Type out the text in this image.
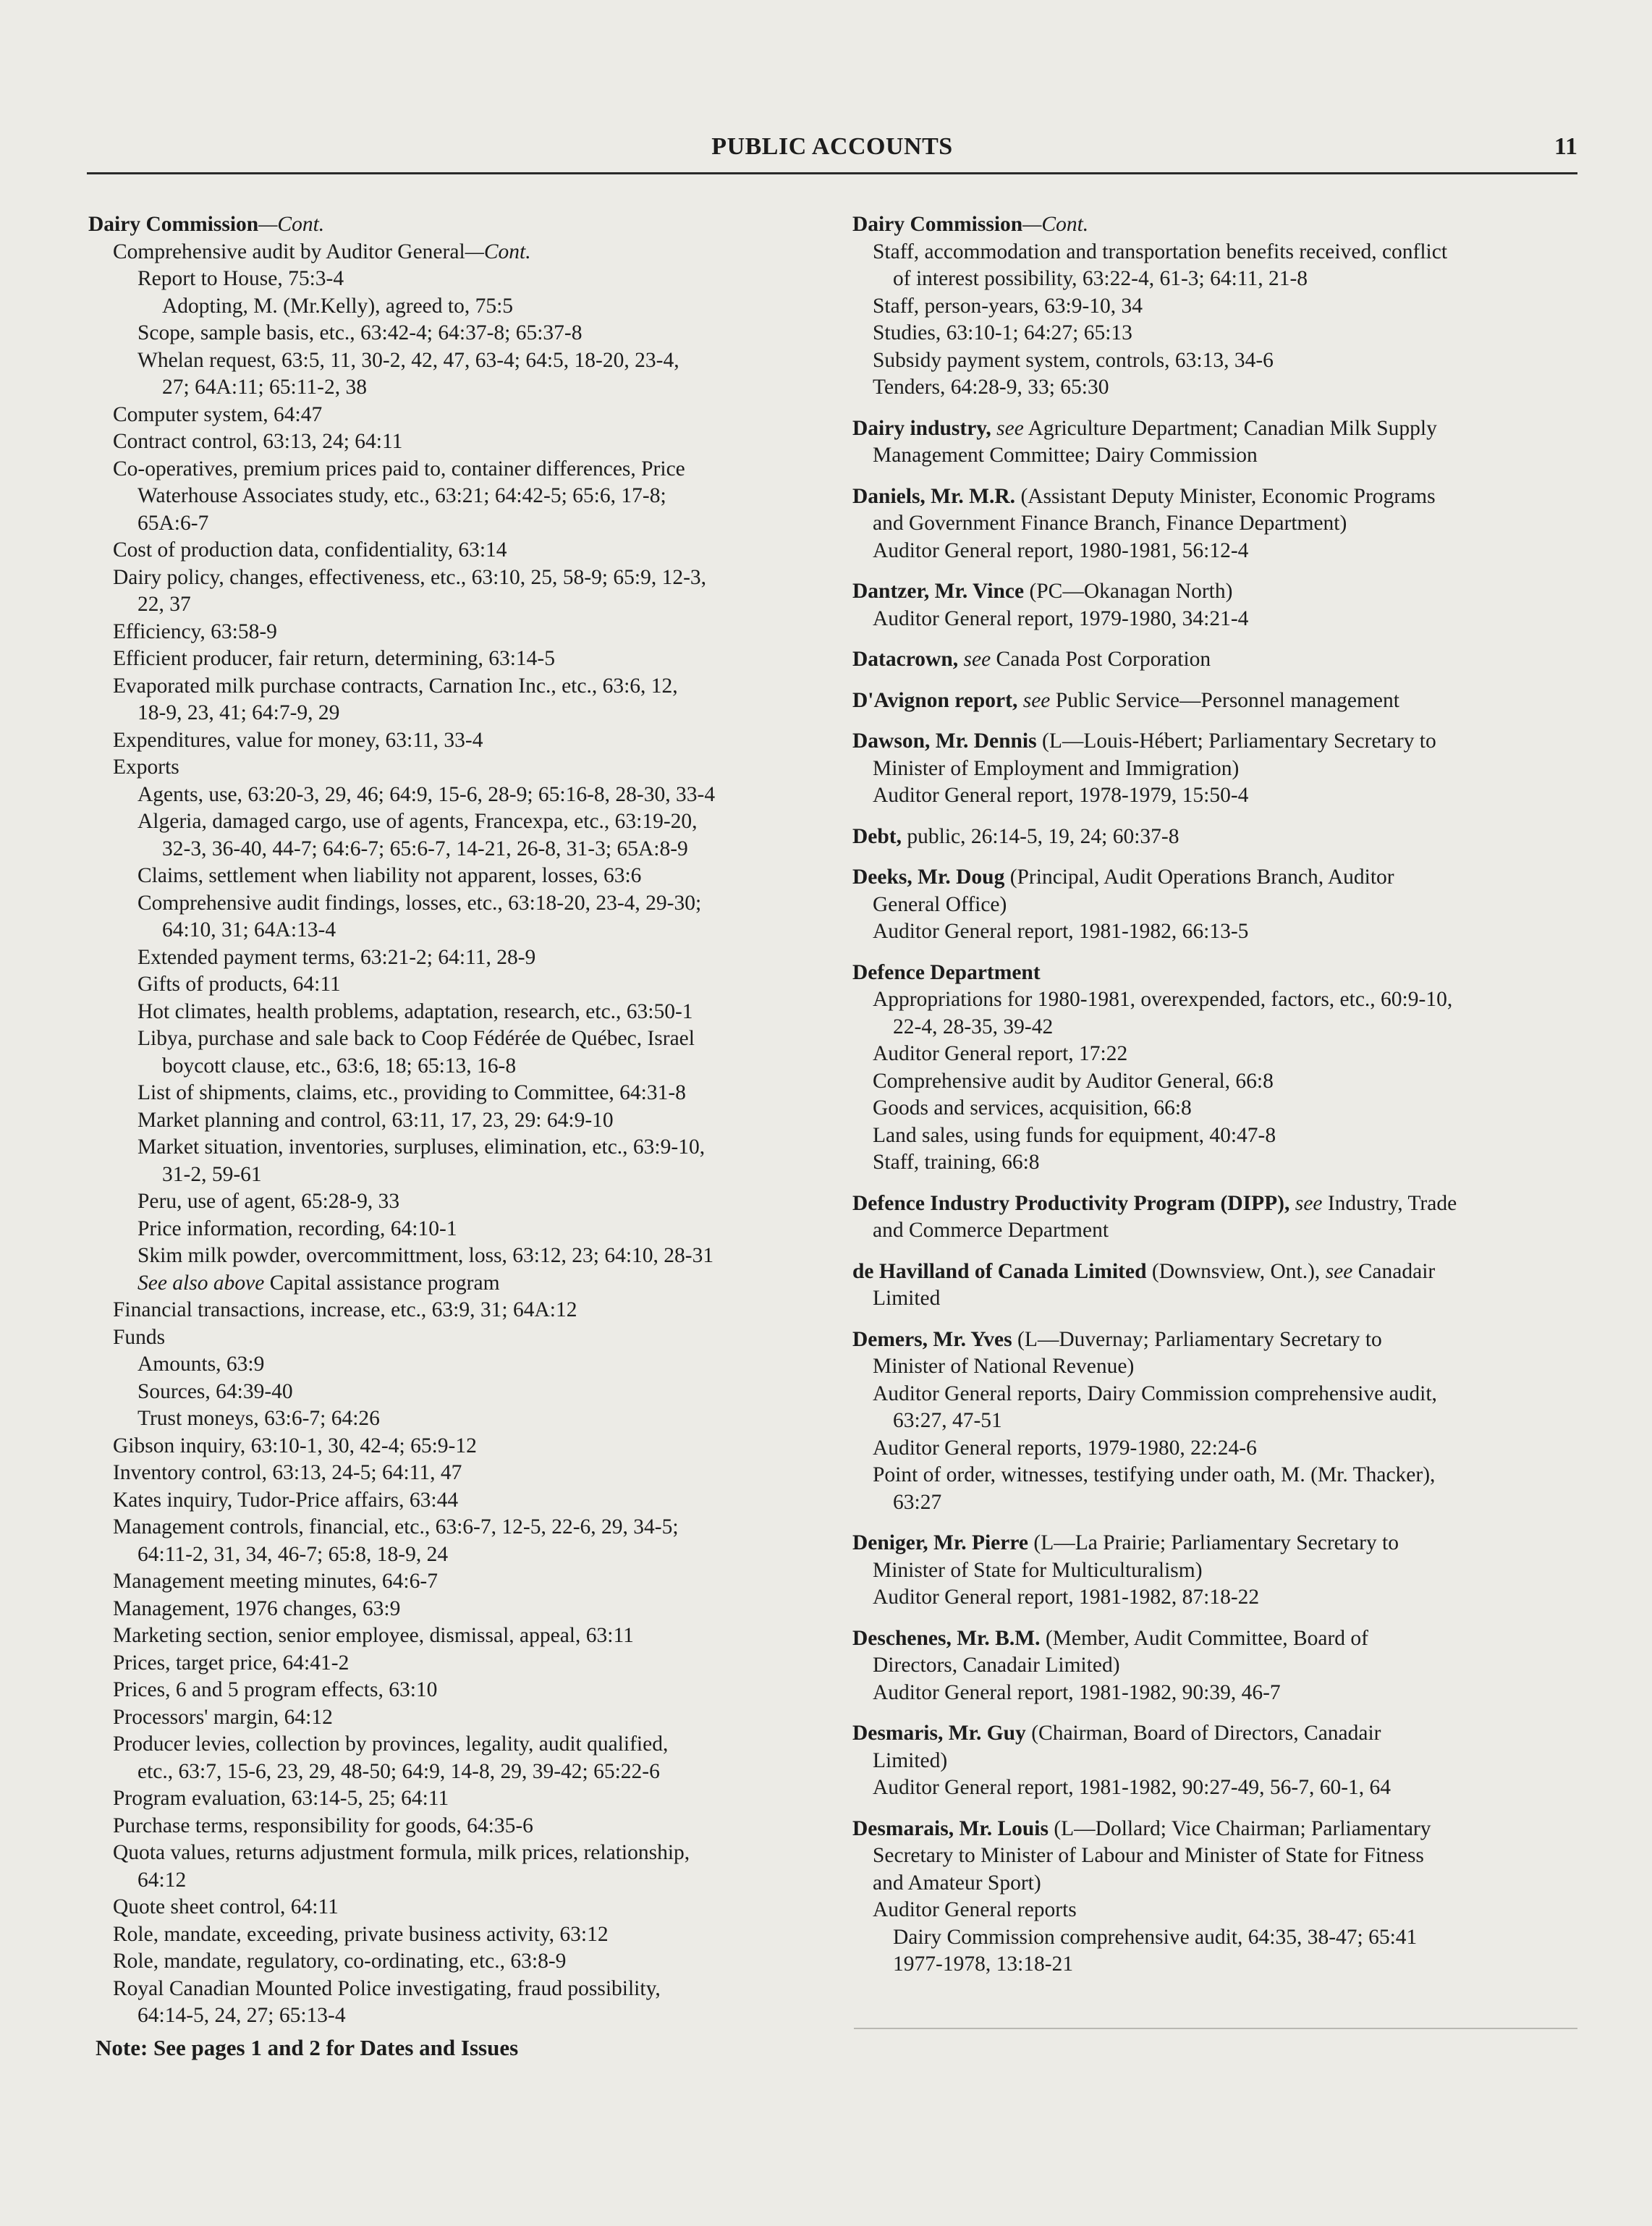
PUBLIC ACCOUNTS	11
Dairy Commission—Cont.
Comprehensive audit by Auditor General—Cont.
Report to House, 75:3-4
Adopting, M. (Mr.Kelly), agreed to, 75:5
Scope, sample basis, etc., 63:42-4; 64:37-8; 65:37-8
Whelan request, 63:5, 11, 30-2, 42, 47, 63-4; 64:5, 18-20, 23-4,
27; 64A:11; 65:11-2, 38
Computer system, 64:47
Contract control, 63:13, 24; 64:11
Co-operatives, premium prices paid to, container differences, Price
Waterhouse Associates study, etc., 63:21; 64:42-5; 65:6, 17-8;
65A:6-7
Cost of production data, confidentiality, 63:14
Dairy policy, changes, effectiveness, etc., 63:10, 25, 58-9; 65:9, 12-3,
22, 37
Efficiency, 63:58-9
Efficient producer, fair return, determining, 63:14-5
Evaporated milk purchase contracts, Carnation Inc., etc., 63:6, 12,
18-9, 23, 41; 64:7-9, 29
Expenditures, value for money, 63:11, 33-4
Exports
Agents, use, 63:20-3, 29, 46; 64:9, 15-6, 28-9; 65:16-8, 28-30, 33-4
Algeria, damaged cargo, use of agents, Francexpa, etc., 63:19-20,
32-3, 36-40, 44-7; 64:6-7; 65:6-7, 14-21, 26-8, 31-3; 65A:8-9
Claims, settlement when liability not apparent, losses, 63:6
Comprehensive audit findings, losses, etc., 63:18-20, 23-4, 29-30;
64:10, 31; 64A:13-4
Extended payment terms, 63:21-2; 64:11, 28-9
Gifts of products, 64:11
Hot climates, health problems, adaptation, research, etc., 63:50-1
Libya, purchase and sale back to Coop Fédérée de Québec, Israel
boycott clause, etc., 63:6, 18; 65:13, 16-8
List of shipments, claims, etc., providing to Committee, 64:31-8
Market planning and control, 63:11, 17, 23, 29: 64:9-10
Market situation, inventories, surpluses, elimination, etc., 63:9-10,
31-2, 59-61
Peru, use of agent, 65:28-9, 33
Price information, recording, 64:10-1
Skim milk powder, overcommittment, loss, 63:12, 23; 64:10, 28-31
See also above Capital assistance program
Financial transactions, increase, etc., 63:9, 31; 64A:12
Funds
Amounts, 63:9
Sources, 64:39-40
Trust moneys, 63:6-7; 64:26
Gibson inquiry, 63:10-1, 30, 42-4; 65:9-12
Inventory control, 63:13, 24-5; 64:11, 47
Kates inquiry, Tudor-Price affairs, 63:44
Management controls, financial, etc., 63:6-7, 12-5, 22-6, 29, 34-5;
64:11-2, 31, 34, 46-7; 65:8, 18-9, 24
Management meeting minutes, 64:6-7
Management, 1976 changes, 63:9
Marketing section, senior employee, dismissal, appeal, 63:11
Prices, target price, 64:41-2
Prices, 6 and 5 program effects, 63:10
Processors' margin, 64:12
Producer levies, collection by provinces, legality, audit qualified,
etc., 63:7, 15-6, 23, 29, 48-50; 64:9, 14-8, 29, 39-42; 65:22-6
Program evaluation, 63:14-5, 25; 64:11
Purchase terms, responsibility for goods, 64:35-6
Quota values, returns adjustment formula, milk prices, relationship,
64:12
Quote sheet control, 64:11
Role, mandate, exceeding, private business activity, 63:12
Role, mandate, regulatory, co-ordinating, etc., 63:8-9
Royal Canadian Mounted Police investigating, fraud possibility,
64:14-5, 24, 27; 65:13-4
Dairy Commission—Cont.
Staff, accommodation and transportation benefits received, conflict
of interest possibility, 63:22-4, 61-3; 64:11, 21-8
Staff, person-years, 63:9-10, 34
Studies, 63:10-1; 64:27; 65:13
Subsidy payment system, controls, 63:13, 34-6
Tenders, 64:28-9, 33; 65:30
Dairy industry, see Agriculture Department; Canadian Milk Supply
Management Committee; Dairy Commission
Daniels, Mr. M.R. (Assistant Deputy Minister, Economic Programs
and Government Finance Branch, Finance Department)
Auditor General report, 1980-1981, 56:12-4
Dantzer, Mr. Vince (PC—Okanagan North)
Auditor General report, 1979-1980, 34:21-4
Datacrown, see Canada Post Corporation
D'Avignon report, see Public Service—Personnel management
Dawson, Mr. Dennis (L—Louis-Hébert; Parliamentary Secretary to
Minister of Employment and Immigration)
Auditor General report, 1978-1979, 15:50-4
Debt, public, 26:14-5, 19, 24; 60:37-8
Deeks, Mr. Doug (Principal, Audit Operations Branch, Auditor
General Office)
Auditor General report, 1981-1982, 66:13-5
Defence Department
Appropriations for 1980-1981, overexpended, factors, etc., 60:9-10,
22-4, 28-35, 39-42
Auditor General report, 17:22
Comprehensive audit by Auditor General, 66:8
Goods and services, acquisition, 66:8
Land sales, using funds for equipment, 40:47-8
Staff, training, 66:8
Defence Industry Productivity Program (DIPP), see Industry, Trade
and Commerce Department
de Havilland of Canada Limited (Downsview, Ont.), see Canadair
Limited
Demers, Mr. Yves (L—Duvernay; Parliamentary Secretary to
Minister of National Revenue)
Auditor General reports, Dairy Commission comprehensive audit,
63:27, 47-51
Auditor General reports, 1979-1980, 22:24-6
Point of order, witnesses, testifying under oath, M. (Mr. Thacker),
63:27
Deniger, Mr. Pierre (L—La Prairie; Parliamentary Secretary to
Minister of State for Multiculturalism)
Auditor General report, 1981-1982, 87:18-22
Deschenes, Mr. B.M. (Member, Audit Committee, Board of
Directors, Canadair Limited)
Auditor General report, 1981-1982, 90:39, 46-7
Desmaris, Mr. Guy (Chairman, Board of Directors, Canadair
Limited)
Auditor General report, 1981-1982, 90:27-49, 56-7, 60-1, 64
Desmarais, Mr. Louis (L—Dollard; Vice Chairman; Parliamentary
Secretary to Minister of Labour and Minister of State for Fitness
and Amateur Sport)
Auditor General reports
Dairy Commission comprehensive audit, 64:35, 38-47; 65:41
1977-1978, 13:18-21
Note: See pages 1 and 2 for Dates and Issues
